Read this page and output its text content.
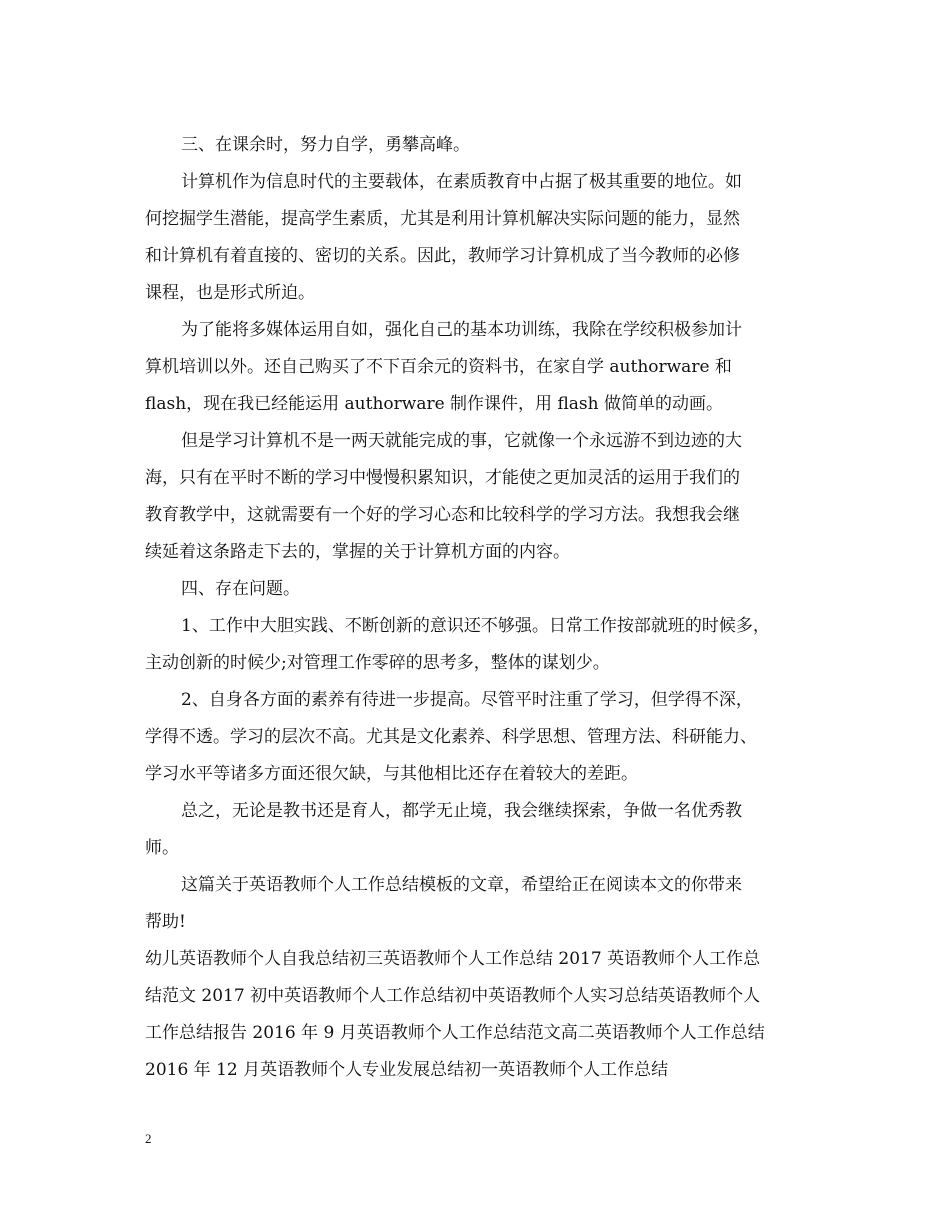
三、在课余时，努力自学，勇攀高峰。
计算机作为信息时代的主要载体，在素质教育中占据了极其重要的地位。如
何挖掘学生潜能，提高学生素质，尤其是利用计算机解决实际问题的能力，显然
和计算机有着直接的、密切的关系。因此，教师学习计算机成了当今教师的必修
课程，也是形式所迫。
为了能将多媒体运用自如，强化自己的基本功训练，我除在学绞积极参加计
算机培训以外。还自己购买了不下百余元的资料书，在家自学 authorware 和
flash，现在我已经能运用 authorware 制作课件，用 flash 做简单的动画。
但是学习计算机不是一两天就能完成的事，它就像一个永远游不到边迹的大
海，只有在平时不断的学习中慢慢积累知识，才能使之更加灵活的运用于我们的
教育教学中，这就需要有一个好的学习心态和比较科学的学习方法。我想我会继
续延着这条路走下去的，掌握的关于计算机方面的内容。
四、存在问题。
1、工作中大胆实践、不断创新的意识还不够强。日常工作按部就班的时候多，
主动创新的时候少;对管理工作零碎的思考多，整体的谋划少。
2、自身各方面的素养有待进一步提高。尽管平时注重了学习，但学得不深，
学得不透。学习的层次不高。尤其是文化素养、科学思想、管理方法、科研能力、
学习水平等诸多方面还很欠缺，与其他相比还存在着较大的差距。
总之，无论是教书还是育人，都学无止境，我会继续探索，争做一名优秀教
师。
这篇关于英语教师个人工作总结模板的文章，希望给正在阅读本文的你带来
帮助!
幼儿英语教师个人自我总结初三英语教师个人工作总结 2017 英语教师个人工作总
结范文 2017 初中英语教师个人工作总结初中英语教师个人实习总结英语教师个人
工作总结报告 2016 年 9 月英语教师个人工作总结范文高二英语教师个人工作总结
2016 年 12 月英语教师个人专业发展总结初一英语教师个人工作总结
2
